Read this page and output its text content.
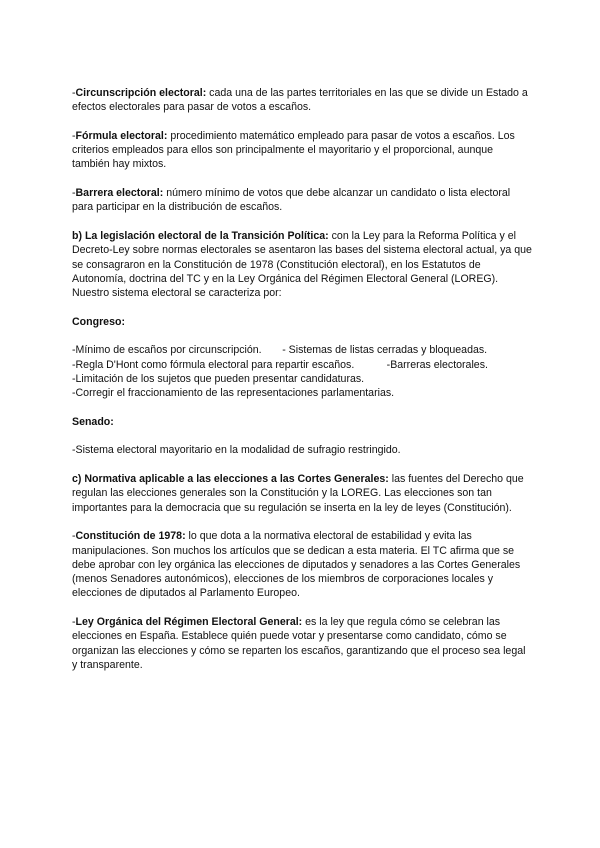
-Circunscripción electoral: cada una de las partes territoriales en las que se divide un Estado a efectos electorales para pasar de votos a escaños.

-Fórmula electoral: procedimiento matemático empleado para pasar de votos a escaños. Los criterios empleados para ellos son principalmente el mayoritario y el proporcional, aunque también hay mixtos.

-Barrera electoral: número mínimo de votos que debe alcanzar un candidato o lista electoral para participar en la distribución de escaños.

b) La legislación electoral de la Transición Política: con la Ley para la Reforma Política y el Decreto-Ley sobre normas electorales se asentaron las bases del sistema electoral actual, ya que se consagraron en la Constitución de 1978 (Constitución electoral), en los Estatutos de Autonomía, doctrina del TC y en la Ley Orgánica del Régimen Electoral General (LOREG). Nuestro sistema electoral se caracteriza por:

Congreso:

-Mínimo de escaños por circunscripción.       - Sistemas de listas cerradas y bloqueadas.

-Regla D'Hont como fórmula electoral para repartir escaños.           -Barreras electorales.

-Limitación de los sujetos que pueden presentar candidaturas.

-Corregir el fraccionamiento de las representaciones parlamentarias.

Senado:

-Sistema electoral mayoritario en la modalidad de sufragio restringido.

c) Normativa aplicable a las elecciones a las Cortes Generales: las fuentes del Derecho que regulan las elecciones generales son la Constitución y la LOREG. Las elecciones son tan importantes para la democracia que su regulación se inserta en la ley de leyes (Constitución).

-Constitución de 1978: lo que dota a la normativa electoral de estabilidad y evita las manipulaciones. Son muchos los artículos que se dedican a esta materia. El TC afirma que se debe aprobar con ley orgánica las elecciones de diputados y senadores a las Cortes Generales (menos Senadores autonómicos), elecciones de los miembros de corporaciones locales y elecciones de diputados al Parlamento Europeo.

-Ley Orgánica del Régimen Electoral General: es la ley que regula cómo se celebran las elecciones en España. Establece quién puede votar y presentarse como candidato, cómo se organizan las elecciones y cómo se reparten los escaños, garantizando que el proceso sea legal y transparente.
